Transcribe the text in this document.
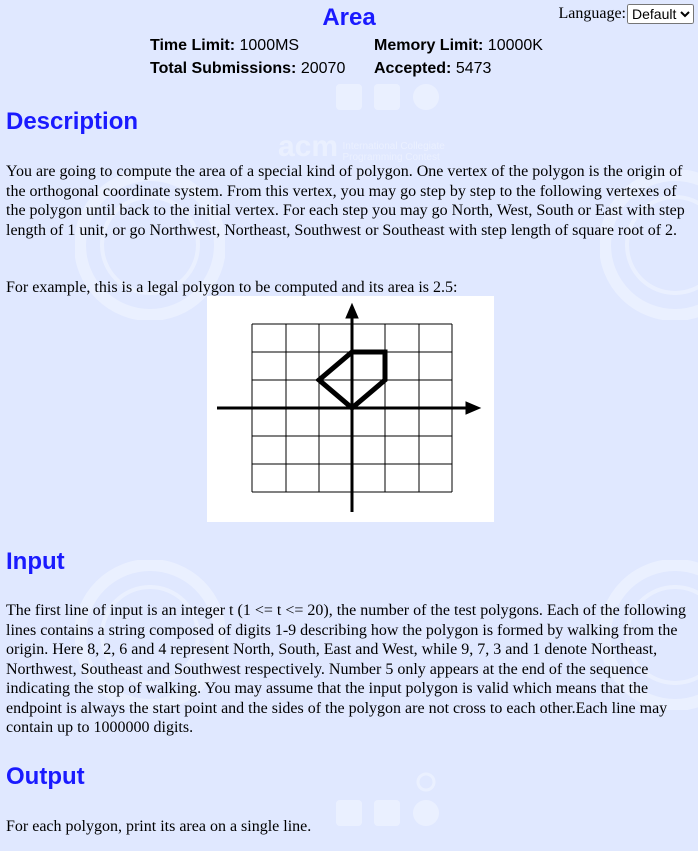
acm International Collegiate Programming Contest
Area	Language:
Default
Time Limit: 1000MS	Memory Limit: 10000K
Total Submissions: 20070	Accepted: 5473
Description
You are going to compute the area of a special kind of polygon. One vertex of the polygon is the origin of the orthogonal coordinate system. From this vertex, you may go step by step to the following vertexes of the polygon until back to the initial vertex. For each step you may go North, West, South or East with step length of 1 unit, or go Northwest, Northeast, Southwest or Southeast with step length of square root of 2.
For example, this is a legal polygon to be computed and its area is 2.5:
Input
The first line of input is an integer t (1 <= t <= 20), the number of the test polygons. Each of the following lines contains a string composed of digits 1-9 describing how the polygon is formed by walking from the origin. Here 8, 2, 6 and 4 represent North, South, East and West, while 9, 7, 3 and 1 denote Northeast, Northwest, Southeast and Southwest respectively. Number 5 only appears at the end of the sequence indicating the stop of walking. You may assume that the input polygon is valid which means that the endpoint is always the start point and the sides of the polygon are not cross to each other.Each line may contain up to 1000000 digits.
Output
For each polygon, print its area on a single line.
